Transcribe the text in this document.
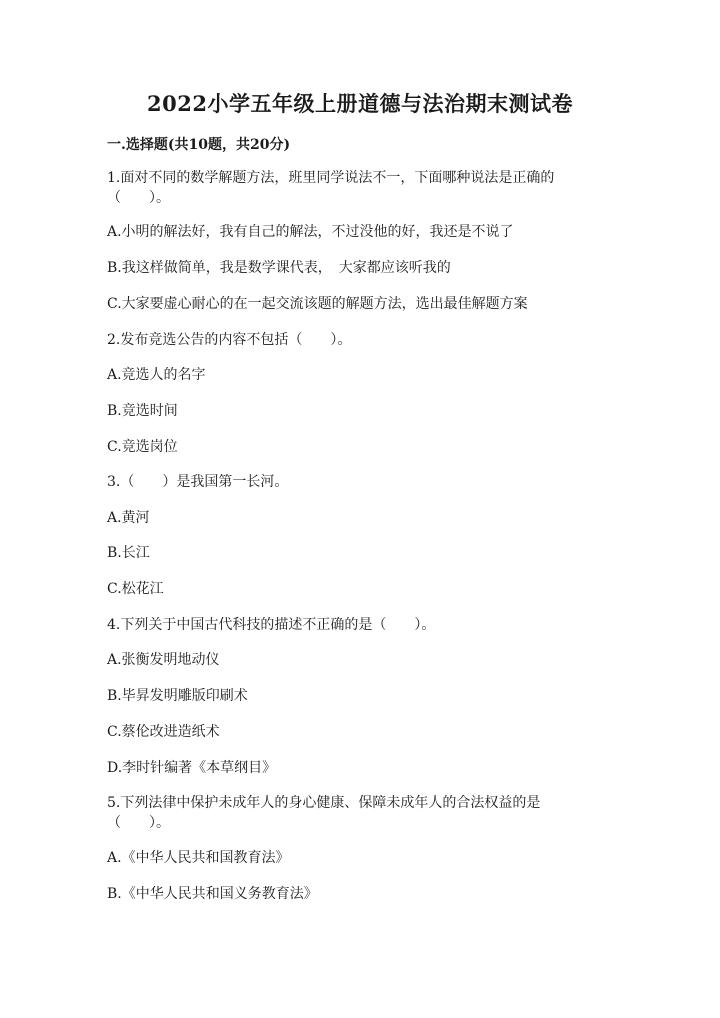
2022小学五年级上册道德与法治期末测试卷
一.选择题(共10题，共20分)
1.面对不同的数学解题方法，班里同学说法不一，下面哪种说法是正确的
（　　）。
A.小明的解法好，我有自己的解法，不过没他的好，我还是不说了
B.我这样做简单，我是数学课代表，　大家都应该听我的
C.大家要虚心耐心的在一起交流该题的解题方法，选出最佳解题方案
2.发布竞选公告的内容不包括（　　）。
A.竞选人的名字
B.竞选时间
C.竞选岗位
3.（　　）是我国第一长河。
A.黄河
B.长江
C.松花江
4.下列关于中国古代科技的描述不正确的是（　　）。
A.张衡发明地动仪
B.毕昇发明雕版印刷术
C.蔡伦改进造纸术
D.李时针编著《本草纲目》
5.下列法律中保护未成年人的身心健康、保障未成年人的合法权益的是
（　　）。
A.《中华人民共和国教育法》
B.《中华人民共和国义务教育法》
